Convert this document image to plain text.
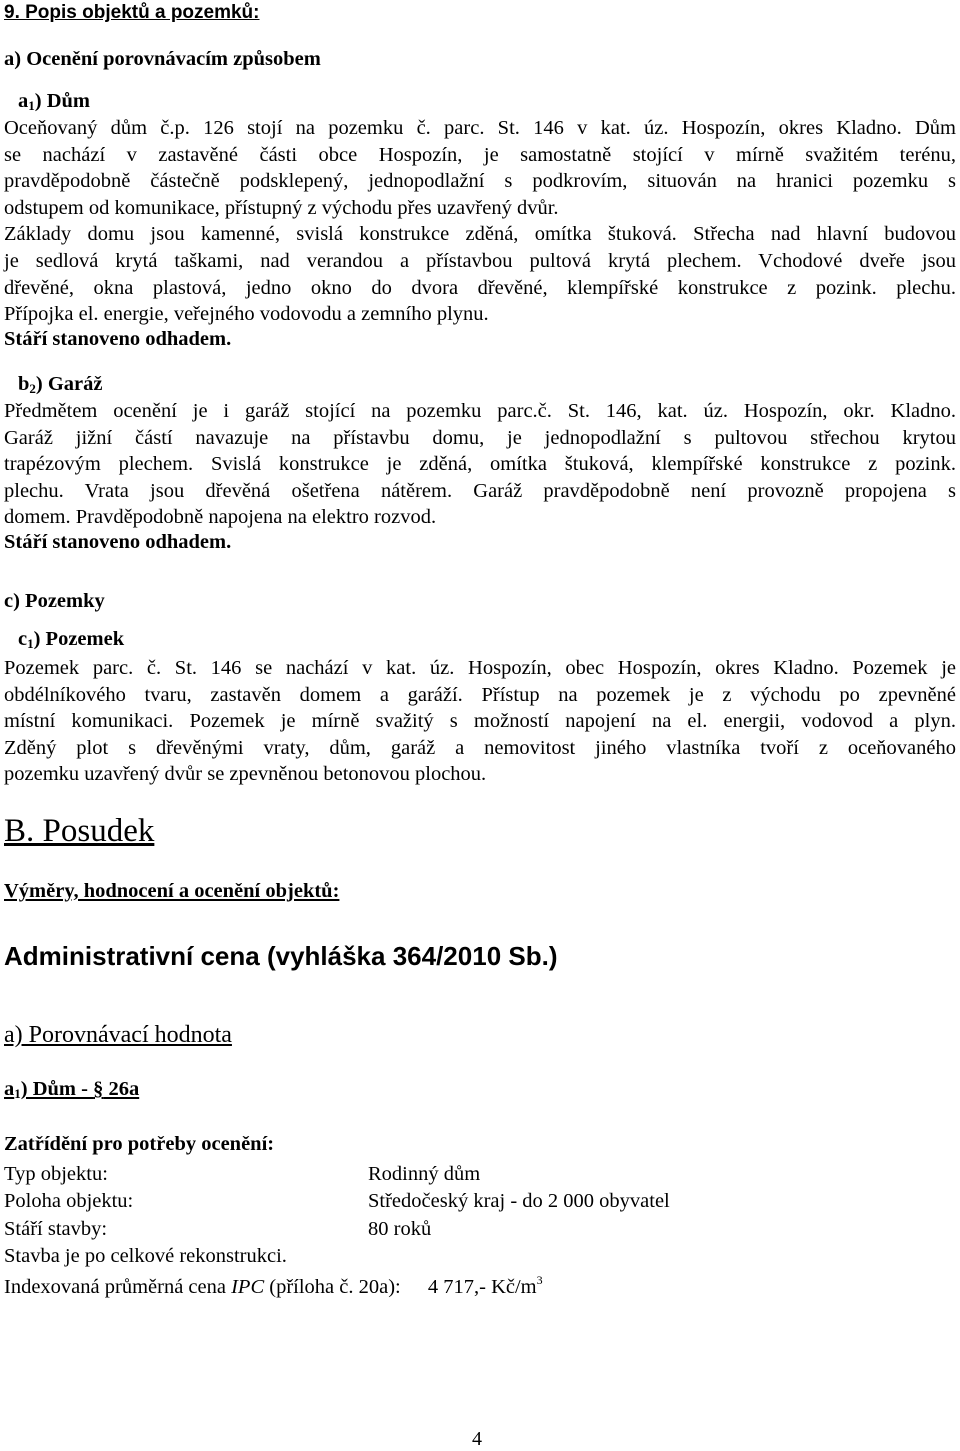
9. Popis objektů a pozemků:
a) Ocenění porovnávacím způsobem
$a_1$) Dům
Oceňovaný dům č.p. 126 stojí na pozemku č. parc. St. 146 v kat. úz. Hospozín, okres Kladno. Dům
se nachází v zastavěné části obce Hospozín, je samostatně stojící v mírně svažitém terénu,
pravděpodobně částečně podsklepený, jednopodlažní s podkrovím, situován na hranici pozemku s
odstupem od komunikace, přístupný z východu přes uzavřený dvůr.
Základy domu jsou kamenné, svislá konstrukce zděná, omítka štuková. Střecha nad hlavní budovou
je sedlová krytá taškami, nad verandou a přístavbou pultová krytá plechem. Vchodové dveře jsou
dřevěné, okna plastová, jedno okno do dvora dřevěné, klempířské konstrukce z pozink. plechu.
Přípojka el. energie, veřejného vodovodu a zemního plynu.
Stáří stanoveno odhadem.
$b_2$) Garáž
Předmětem ocenění je i garáž stojící na pozemku parc.č. St. 146, kat. úz. Hospozín, okr. Kladno.
Garáž jižní částí navazuje na přístavbu domu, je jednopodlažní s pultovou střechou krytou
trapézovým plechem. Svislá konstrukce je zděná, omítka štuková, klempířské konstrukce z pozink.
plechu. Vrata jsou dřevěná ošetřena nátěrem. Garáž pravděpodobně není provozně propojena s
domem. Pravděpodobně napojena na elektro rozvod.
Stáří stanoveno odhadem.
c) Pozemky
$c_1$) Pozemek
Pozemek parc. č. St. 146 se nachází v kat. úz. Hospozín, obec Hospozín, okres Kladno. Pozemek je
obdélníkového tvaru, zastavěn domem a garáží. Přístup na pozemek je z východu po zpevněné
místní komunikaci. Pozemek je mírně svažitý s možností napojení na el. energii, vodovod a plyn.
Zděný plot s dřevěnými vraty, dům, garáž a nemovitost jiného vlastníka tvoří z oceňovaného
pozemku uzavřený dvůr se zpevněnou betonovou plochou.
B. Posudek
Výměry, hodnocení a ocenění objektů:
Administrativní cena (vyhláška 364/2010 Sb.)
a) Porovnávací hodnota
$a_1$) Dům - § 26a
Zatřídění pro potřeby ocenění:
Typ objektu:	Rodinný dům
Poloha objektu:	Středočeský kraj - do 2 000 obyvatel
Stáří stavby:	80 roků
Stavba je po celkové rekonstrukci.
Indexovaná průměrná cena IPC (příloha č. 20a): 4 717,- $Kč/m^3$
4
